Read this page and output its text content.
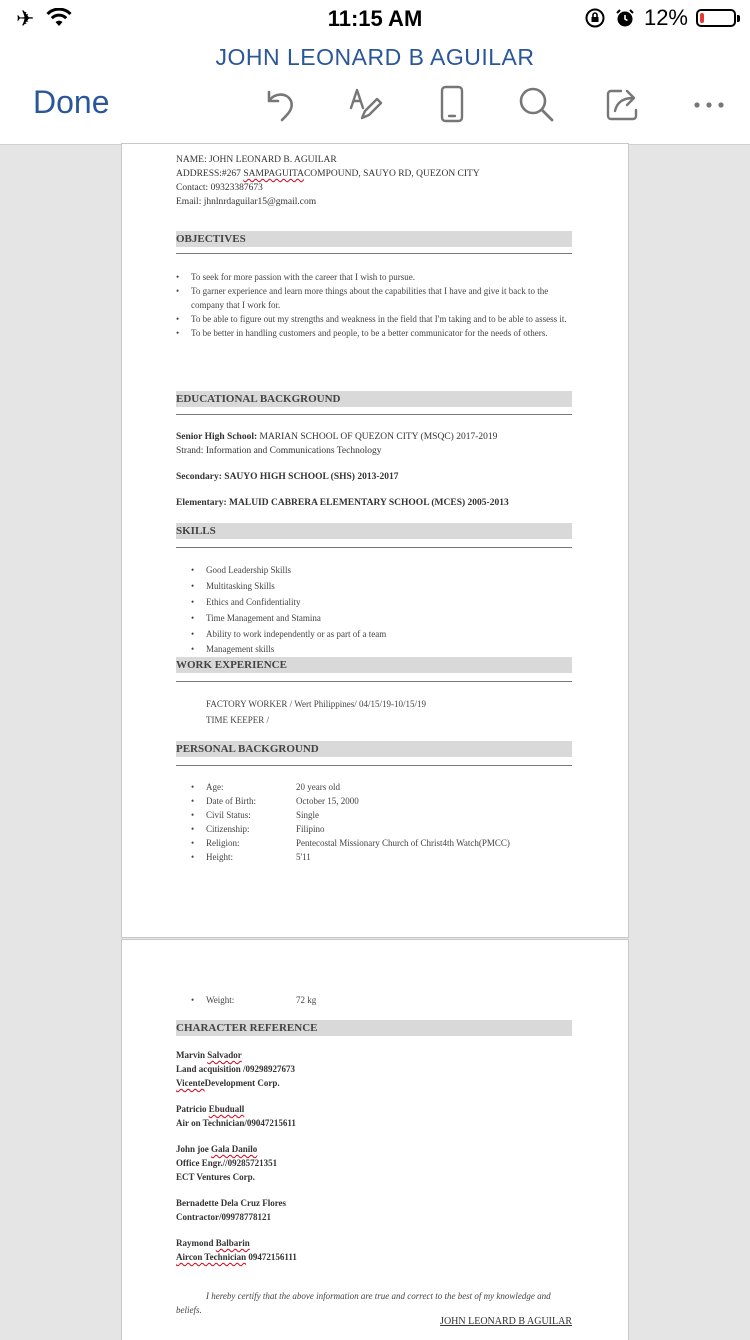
✈	11:15 AM	12%
JOHN LEONARD B AGUILAR
Done
NAME: JOHN LEONARD B. AGUILAR
ADDRESS:#267 SAMPAGUITACOMPOUND, SAUYO RD, QUEZON CITY
Contact: 09323387673
Email: jhnlnrdaguilar15@gmail.com
OBJECTIVES
• To seek for more passion with the career that I wish to pursue.
• To garner experience and learn more things about the capabilities that I have and give it back to the company that I work for.
• To be able to figure out my strengths and weakness in the field that I'm taking and to be able to assess it.
• To be better in handling customers and people, to be a better communicator for the needs of others.
EDUCATIONAL BACKGROUND
Senior High School: MARIAN SCHOOL OF QUEZON CITY (MSQC) 2017-2019
Strand: Information and Communications Technology
Secondary: SAUYO HIGH SCHOOL (SHS) 2013-2017
Elementary: MALUID CABRERA ELEMENTARY SCHOOL (MCES) 2005-2013
SKILLS
• Good Leadership Skills
• Multitasking Skills
• Ethics and Confidentiality
• Time Management and Stamina
• Ability to work independently or as part of a team
• Management skills
WORK EXPERIENCE
FACTORY WORKER / Wert Philippines/ 04/15/19-10/15/19
TIME KEEPER /
PERSONAL BACKGROUND
• Age:	20 years old
• Date of Birth:	October 15, 2000
• Civil Status:	Single
• Citizenship:	Filipino
• Religion:	Pentecostal Missionary Church of Christ4th Watch(PMCC)
• Height:	5'11
• Weight:	72 kg
CHARACTER REFERENCE
Marvin Salvador
Land acquisition /09298927673
VicenteDevelopment Corp.
Patricio Ebuduall
Air on Technician/09047215611
John joe Gala Danilo
Office Engr.//09285721351
ECT Ventures Corp.
Bernadette Dela Cruz Flores
Contractor/09978778121
Raymond Balbarin
Aircon Technician 09472156111
I hereby certify that the above information are true and correct to the best of my knowledge and beliefs.
JOHN LEONARD B AGUILAR
